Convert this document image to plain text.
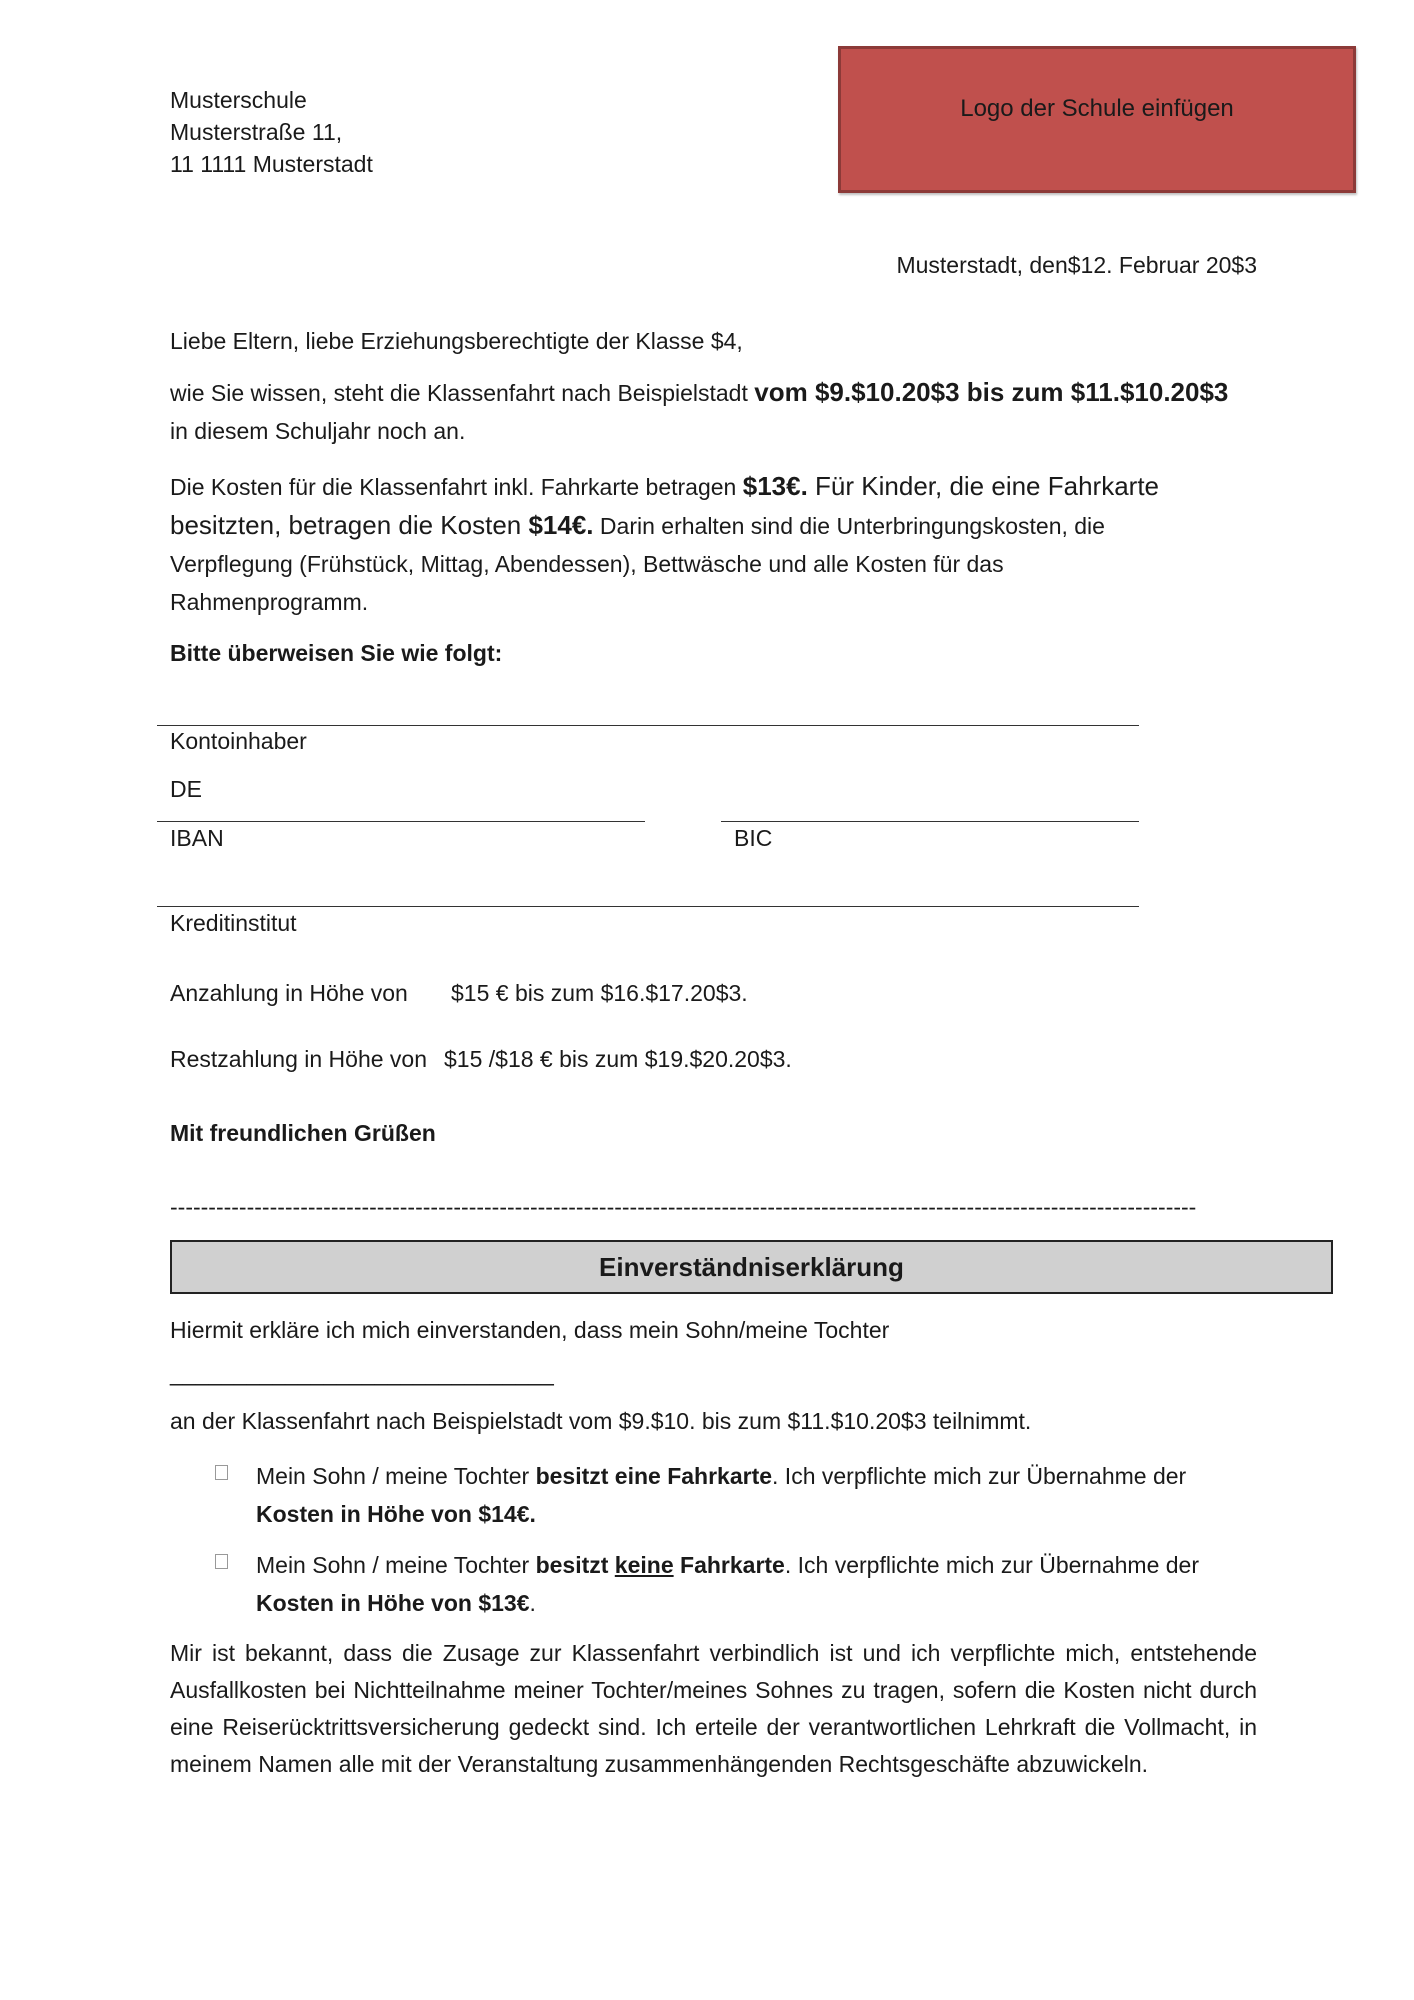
Musterschule
Musterstraße 11,
11 1111 Musterstadt
Logo der Schule einfügen
Musterstadt, den$12. Februar 20$3
Liebe Eltern, liebe Erziehungsberechtigte der Klasse $4,
wie Sie wissen, steht die Klassenfahrt nach Beispielstadt vom $9.$10.20$3 bis zum $11.$10.20$3
in diesem Schuljahr noch an.
Die Kosten für die Klassenfahrt inkl. Fahrkarte betragen $13€. Für Kinder, die eine Fahrkarte besitzten, betragen die Kosten $14€. Darin erhalten sind die Unterbringungskosten, die Verpflegung (Frühstück, Mittag, Abendessen), Bettwäsche und alle Kosten für das Rahmenprogramm.
Bitte überweisen Sie wie folgt:
Kontoinhaber
DE
IBAN	BIC
Kreditinstitut
Anzahlung in Höhe von $15 € bis zum $16.$17.20$3.
Restzahlung in Höhe von $15 /$18 € bis zum $19.$20.20$3.
Mit freundlichen Grüßen
--------------------------------------------------------------------------------------------------------------------------------------
Einverständniserklärung
Hiermit erkläre ich mich einverstanden, dass mein Sohn/meine Tochter
______________________________
an der Klassenfahrt nach Beispielstadt vom $9.$10. bis zum $11.$10.20$3 teilnimmt.
Mein Sohn / meine Tochter besitzt eine Fahrkarte. Ich verpflichte mich zur Übernahme der
Kosten in Höhe von $14€.
Mein Sohn / meine Tochter besitzt keine Fahrkarte. Ich verpflichte mich zur Übernahme der
Kosten in Höhe von $13€.
Mir ist bekannt, dass die Zusage zur Klassenfahrt verbindlich ist und ich verpflichte mich, entstehende Ausfallkosten bei Nichtteilnahme meiner Tochter/meines Sohnes zu tragen, sofern die Kosten nicht durch eine Reiserücktrittsversicherung gedeckt sind. Ich erteile der verantwortlichen Lehrkraft die Vollmacht, in meinem Namen alle mit der Veranstaltung zusammenhängenden Rechtsgeschäfte abzuwickeln.
